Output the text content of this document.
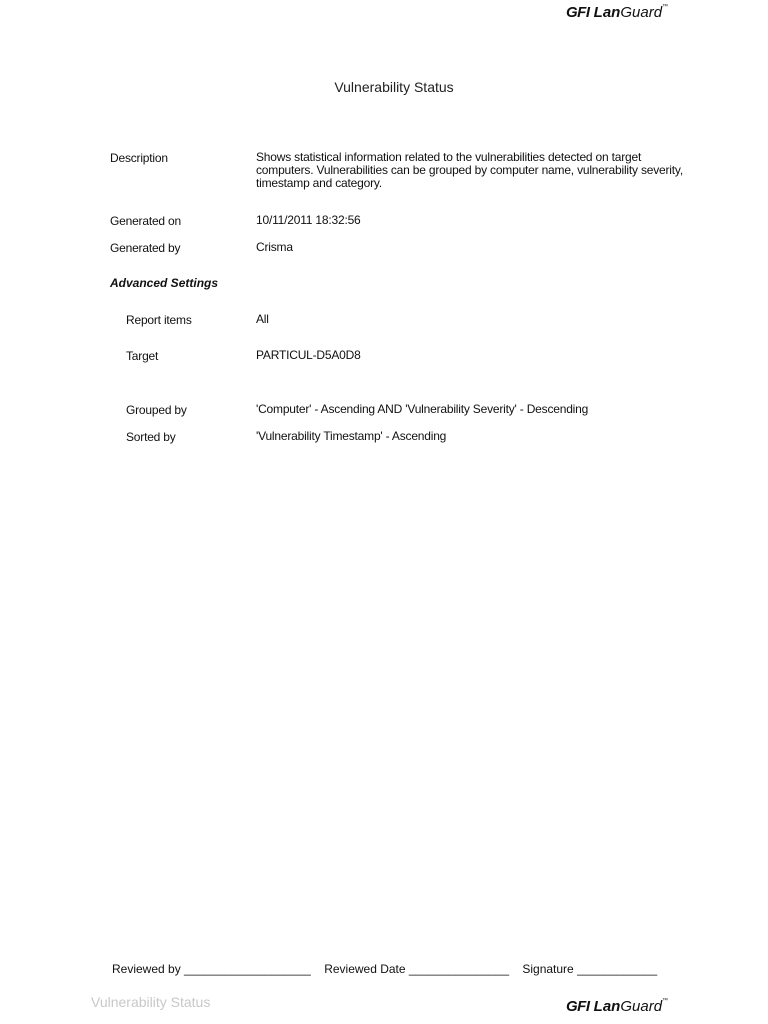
GFI LanGuard™
Vulnerability Status
Description	Shows statistical information related to the vulnerabilities detected on target computers. Vulnerabilities can be grouped by computer name, vulnerability severity, timestamp and category.
Generated on	10/11/2011 18:32:56
Generated by	Crisma
Advanced Settings
Report items	All
Target	PARTICUL-D5A0D8
Grouped by	'Computer' - Ascending AND 'Vulnerability Severity' - Descending
Sorted by	'Vulnerability Timestamp' - Ascending
Reviewed by ___________________ Reviewed Date _______________ Signature ____________
Vulnerability Status	GFI LanGuard™
